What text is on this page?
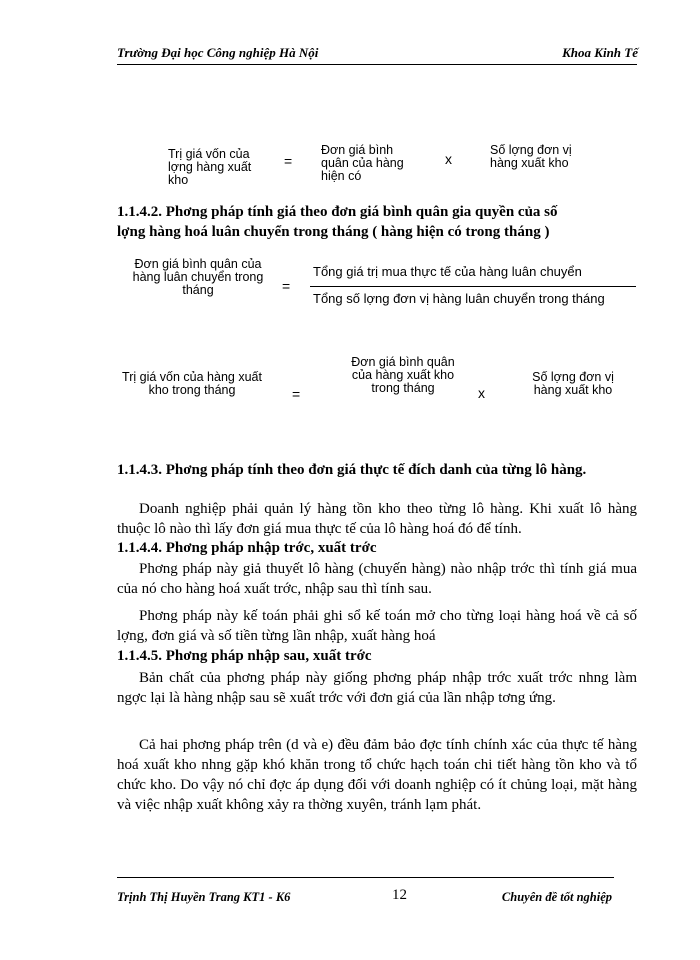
Trường Đại học Công nghiệp Hà Nội	Khoa Kinh Tế
Trị giá vốn của lợng hàng xuất kho
=
Đơn giá bình quân của hàng hiện có
x
Số lợng đơn vị hàng xuất kho
1.1.4.2. Phơng pháp tính giá theo đơn giá bình quân gia quyền của số
lợng hàng hoá luân chuyển trong tháng ( hàng hiện có trong tháng )
Đơn giá bình quân của hàng luân chuyển trong tháng	=
Tổng giá trị mua thực tế của hàng luân chuyển
Tổng số lợng đơn vị hàng luân chuyển trong tháng
Trị giá vốn của hàng xuất kho trong tháng	=
Đơn giá bình quân của hàng xuất kho trong tháng	x
Số lợng đơn vị hàng xuất kho
1.1.4.3. Phơng pháp tính theo đơn giá thực tế đích danh của từng lô hàng.
Doanh nghiệp phải quản lý hàng tồn kho theo từng lô hàng. Khi xuất lô hàng thuộc lô nào thì lấy đơn giá mua thực tế của lô hàng hoá đó để tính.
1.1.4.4. Phơng pháp nhập trớc, xuất trớc
Phơng pháp này giả thuyết lô hàng (chuyến hàng) nào nhập trớc thì tính giá mua của nó cho hàng hoá xuất trớc, nhập sau thì tính sau.
Phơng pháp này kế toán phải ghi sổ kế toán mở cho từng loại hàng hoá về cả số lợng, đơn giá và số tiền từng lần nhập, xuất hàng hoá
1.1.4.5. Phơng pháp nhập sau, xuất trớc
Bản chất của phơng pháp này giống phơng pháp nhập trớc xuất trớc nhng làm ngợc lại là hàng nhập sau sẽ xuất trớc với đơn giá của lần nhập tơng ứng.
Cả hai phơng pháp trên (d và e) đều đảm bảo đợc tính chính xác của thực tế hàng hoá xuất kho nhng gặp khó khăn trong tổ chức hạch toán chi tiết hàng tồn kho và tổ chức kho. Do vậy nó chỉ đợc áp dụng đối với doanh nghiệp có ít chủng loại, mặt hàng và việc nhập xuất không xảy ra thờng xuyên, tránh lạm phát.
Trịnh Thị Huyền Trang KT1 - K6	12	Chuyên đề tốt nghiệp
